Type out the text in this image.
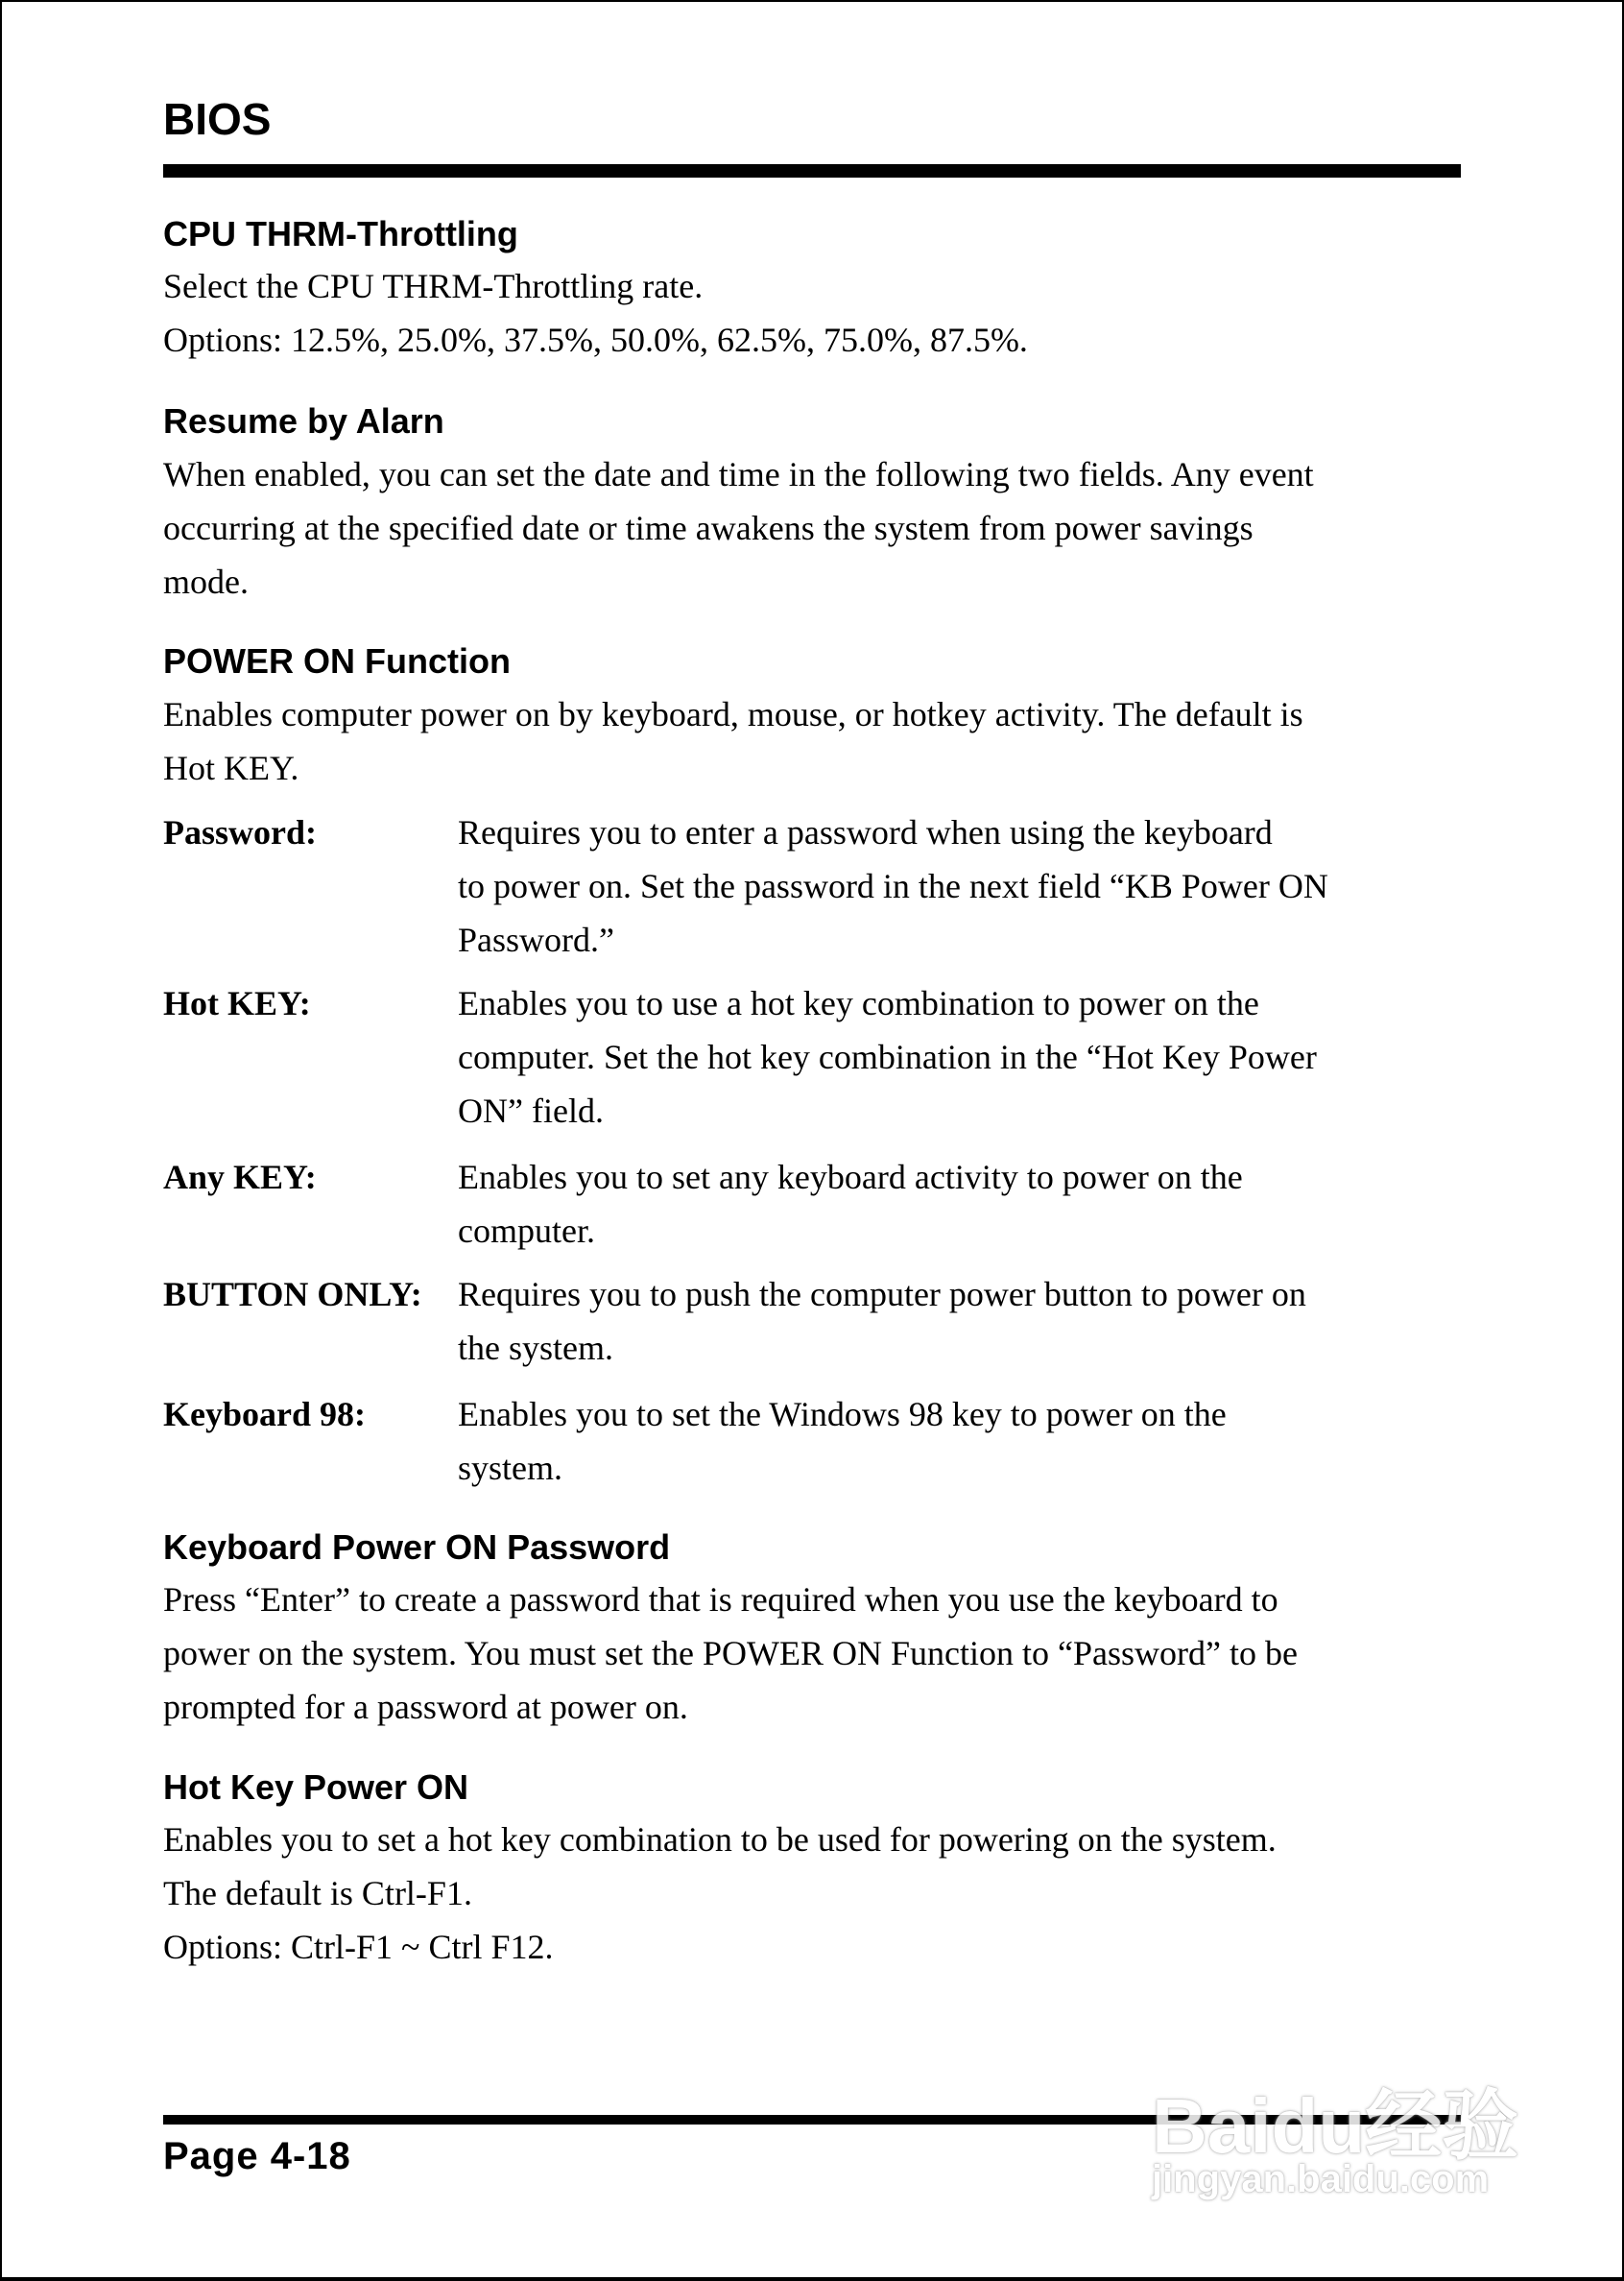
BIOS
CPU THRM-Throttling
Select the CPU THRM-Throttling rate.
Options: 12.5%, 25.0%, 37.5%, 50.0%, 62.5%, 75.0%, 87.5%.
Resume by Alarn
When enabled, you can set the date and time in the following two fields. Any event
occurring at the specified date or time awakens the system from power savings
mode.
POWER ON Function
Enables computer power on by keyboard, mouse, or hotkey activity. The default is
Hot KEY.
Password:	Requires you to enter a password when using the keyboard
to power on. Set the password in the next field “KB Power ON
Password.”
Hot KEY:	Enables you to use a hot key combination to power on the
computer. Set the hot key combination in the “Hot Key Power
ON” field.
Any KEY:	Enables you to set any keyboard activity to power on the
computer.
BUTTON ONLY: Requires you to push the computer power button to power on
the system.
Keyboard 98:	Enables you to set the Windows 98 key to power on the
system.
Keyboard Power ON Password
Press “Enter” to create a password that is required when you use the keyboard to
power on the system. You must set the POWER ON Function to “Password” to be
prompted for a password at power on.
Hot Key Power ON
Enables you to set a hot key combination to be used for powering on the system.
The default is Ctrl-F1.
Options: Ctrl-F1 ~ Ctrl F12.
Page 4-18	Baidu经验
jingyan.baidu.com
